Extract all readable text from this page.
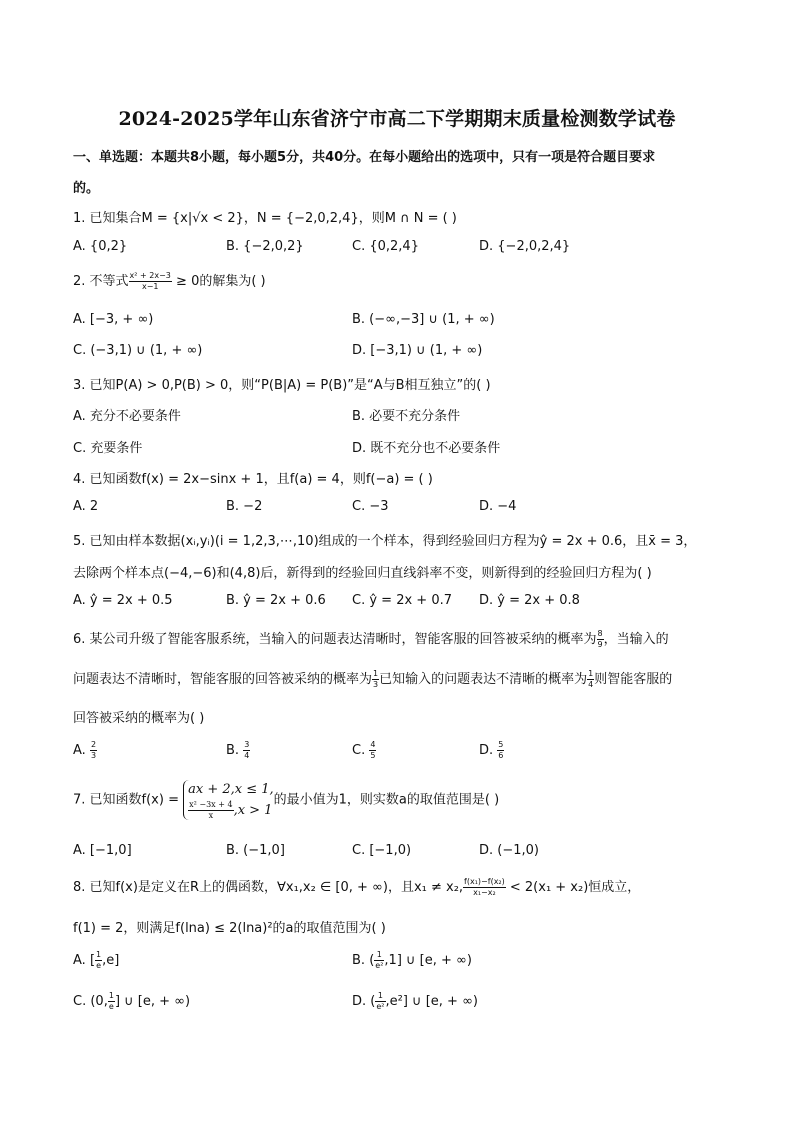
2024-2025学年山东省济宁市高二下学期期末质量检测数学试卷
一、单选题：本题共8小题，每小题5分，共40分。在每小题给出的选项中，只有一项是符合题目要求
的。
1. 已知集合M = {x|√x < 2}，N = {−2,0,2,4}，则M ∩ N = ( )
A. {0,2}	B. {−2,0,2}	C. {0,2,4}	D. {−2,0,2,4}
2. 不等式 $\frac{\text{x² + 2x−3}}{x-1} \ge 0$的解集为( )
A. [−3, + ∞)	B. (−∞,−3] ∪ (1, + ∞)
C. (−3,1) ∪ (1, + ∞)	D. [−3,1) ∪ (1, + ∞)
3. 已知P(A) > 0,P(B) > 0，则“P(B|A) = P(B)”是“A与B相互独立”的( )
A. 充分不必要条件	B. 必要不充分条件
C. 充要条件	D. 既不充分也不必要条件
4. 已知函数f(x) = 2x−sinx + 1，且f(a) = 4，则f(−a) = ( )
A. 2	B. −2	C. −3	D. −4
5. 已知由样本数据(xᵢ,yᵢ)(i = 1,2,3,⋯,10)组成的一个样本，得到经验回归方程为ŷ = 2x + 0.6，且x̄ = 3，
去除两个样本点(−4,−6)和(4,8)后，新得到的经验回归直线斜率不变，则新得到的经验回归方程为( )
A. ŷ = 2x + 0.5	B. ŷ = 2x + 0.6 C. ŷ = 2x + 0.7 D. ŷ = 2x + 0.8
6. 某公司升级了智能客服系统，当输入的问题表达清晰时，智能客服的回答被采纳的概率为 $\frac{8}{9}$ ，当输入的
问题表达不清晰时，智能客服的回答被采纳的概率为 $\frac{1}{3}$ 已知输入的问题表达不清晰的概率为 $\frac{1}{4}$ 则智能客服的
回答被采纳的概率为( )
A. $\frac{2}{3}$	B. $\frac{3}{4}$	C. $\frac{4}{5}$	D. $\frac{5}{6}$
7. 已知函数f(x) =
ax + 2,x ≤ 1,
$\frac{\text{x² −3x + 4}}{x} ,x > 1$
的最小值为1，则实数a的取值范围是( )
A. [−1,0]	B. (−1,0]	C. [−1,0)	D. (−1,0)
8. 已知f(x)是定义在R上的偶函数，∀x₁,x₂ ∈ [0, + ∞)，且x₁ ≠ x₂, $\frac{\text{f(x₁)−f(x₂)}}{\text{x₁−x₂}} < 2(x_1 + x_2)$恒成立，
f(1) = 2，则满足f(lna) ≤ 2(lna)²的a的取值范围为( )
A. [ $\frac{1}{e} ,e$]	B. ( $\frac{1}{\text{e²}} ,1$] ∪ [e, + ∞)
C. (0, $\frac{1}{e}$ ] ∪ [e, + ∞)	D. ( $\frac{1}{\text{e²}} ,e^2$] ∪ [e, + ∞)
